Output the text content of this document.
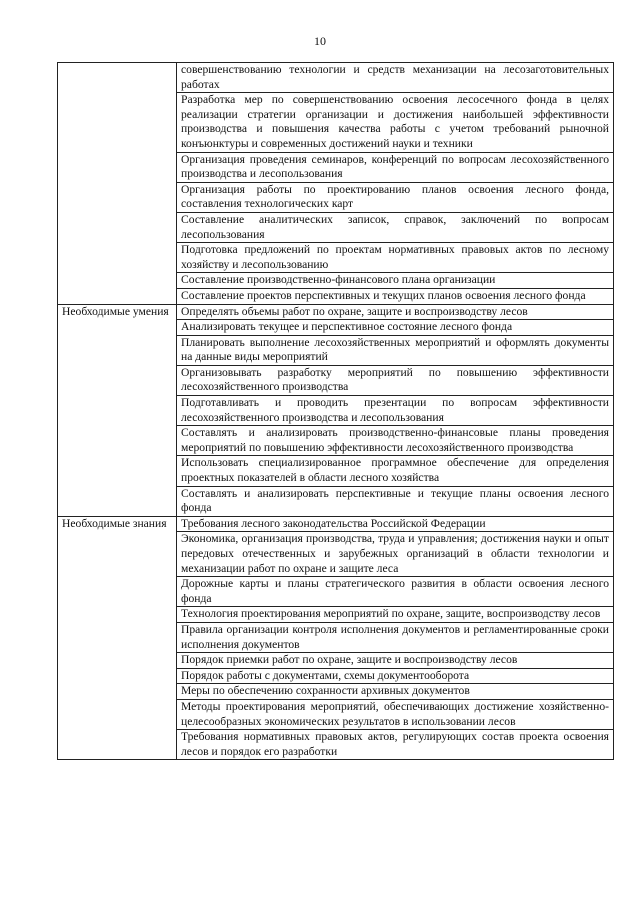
10
	совершенствованию технологии и средств механизации на лесозаготовительных работах
	Разработка мер по совершенствованию освоения лесосечного фонда в целях реализации стратегии организации и достижения наибольшей эффективности производства и повышения качества работы с учетом требований рыночной конъюнктуры и современных достижений науки и техники
	Организация проведения семинаров, конференций по вопросам лесохозяйственного производства и лесопользования
	Организация работы по проектированию планов освоения лесного фонда, составления технологических карт
	Составление аналитических записок, справок, заключений по вопросам лесопользования
	Подготовка предложений по проектам нормативных правовых актов по лесному хозяйству и лесопользованию
	Составление производственно-финансового плана организации
	Составление проектов перспективных и текущих планов освоения лесного фонда
Необходимые умения	Определять объемы работ по охране, защите и воспроизводству лесов
	Анализировать текущее и перспективное состояние лесного фонда
	Планировать выполнение лесохозяйственных мероприятий и оформлять документы на данные виды мероприятий
	Организовывать разработку мероприятий по повышению эффективности лесохозяйственного производства
	Подготавливать и проводить презентации по вопросам эффективности лесохозяйственного производства и лесопользования
	Составлять и анализировать производственно-финансовые планы проведения мероприятий по повышению эффективности лесохозяйственного производства
	Использовать специализированное программное обеспечение для определения проектных показателей в области лесного хозяйства
	Составлять и анализировать перспективные и текущие планы освоения лесного фонда
Необходимые знания	Требования лесного законодательства Российской Федерации
	Экономика, организация производства, труда и управления; достижения науки и опыт передовых отечественных и зарубежных организаций в области технологии и механизации работ по охране и защите леса
	Дорожные карты и планы стратегического развития в области освоения лесного фонда
	Технология проектирования мероприятий по охране, защите, воспроизводству лесов
	Правила организации контроля исполнения документов и регламентированные сроки исполнения документов
	Порядок приемки работ по охране, защите и воспроизводству лесов
	Порядок работы с документами, схемы документооборота
	Меры по обеспечению сохранности архивных документов
	Методы проектирования мероприятий, обеспечивающих достижение хозяйственно-целесообразных экономических результатов в использовании лесов
	Требования нормативных правовых актов, регулирующих состав проекта освоения лесов и порядок его разработки
